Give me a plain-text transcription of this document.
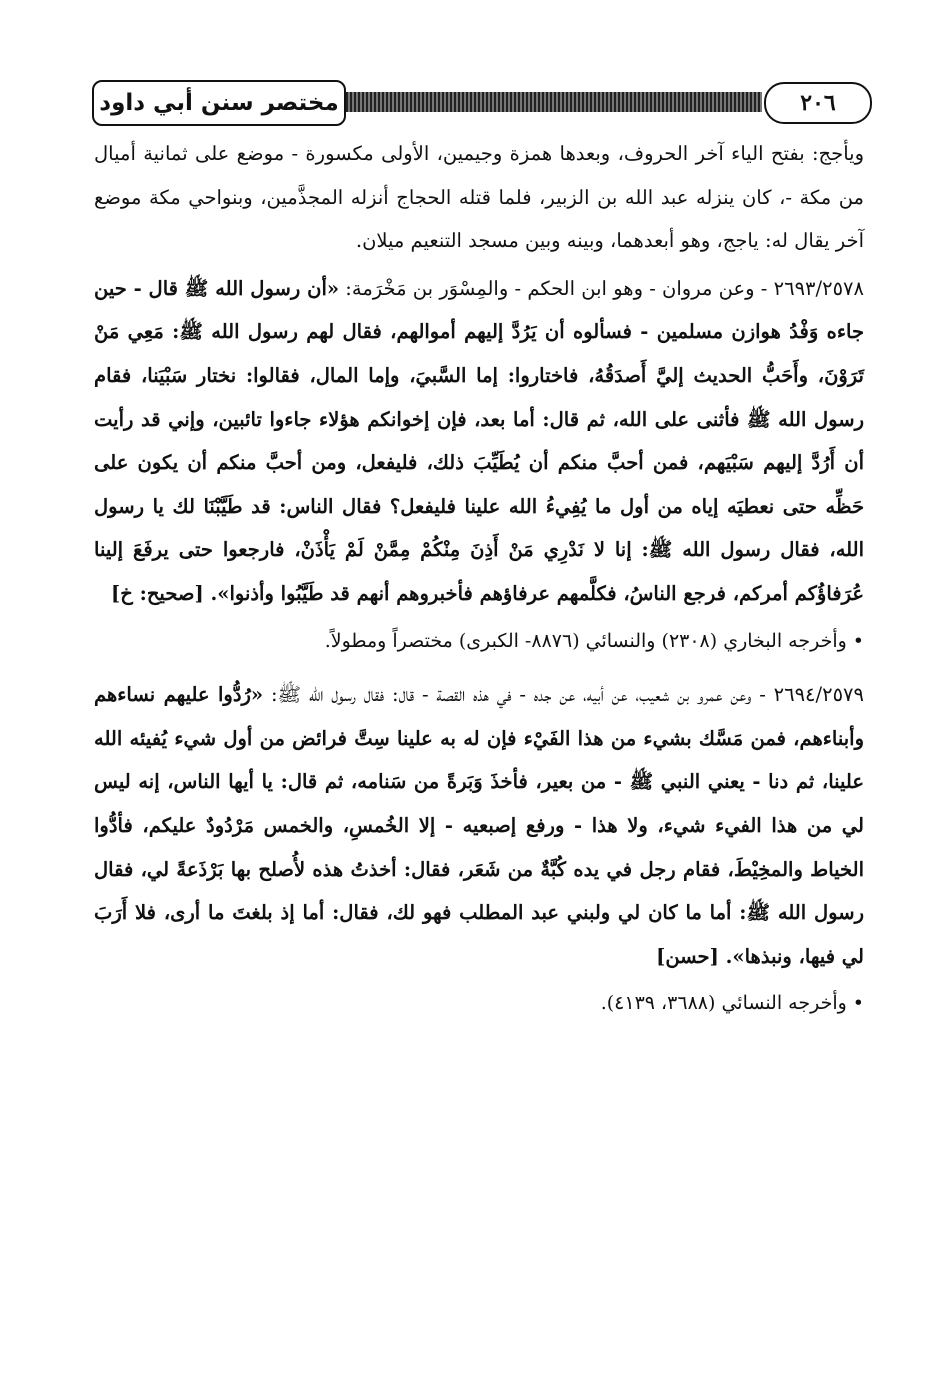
مختصر سنن أبي داود	٢٠٦

ويأجج: بفتح الياء آخر الحروف، وبعدها همزة وجيمين، الأولى مكسورة - موضع على ثمانية أميال من مكة -، كان ينزله عبد الله بن الزبير، فلما قتله الحجاج أنزله المجذَّمين، وبنواحي مكة موضع آخر يقال له: ياجج، وهو أبعدهما، وبينه وبين مسجد التنعيم ميلان.

٢٦٩٣/٢٥٧٨ - وعن مروان - وهو ابن الحكم - والمِسْوَر بن مَخْرَمة: «أن رسول الله ﷺ قال - حين جاءه وَفْدُ هوازن مسلمين - فسألوه أن يَرُدَّ إليهم أموالهم، فقال لهم رسول الله ﷺ: مَعِي مَنْ تَرَوْنَ، وأَحَبُّ الحديث إليَّ أَصدَقُهُ، فاختاروا: إما السَّبيَ، وإما المال، فقالوا: نختار سَبْيَنا، فقام رسول الله ﷺ فأثنى على الله، ثم قال: أما بعد، فإن إخوانكم هؤلاء جاءوا تائبين، وإني قد رأيت أن أَرُدَّ إليهم سَبْيَهم، فمن أحبَّ منكم أن يُطَيِّبَ ذلك، فليفعل، ومن أحبَّ منكم أن يكون على حَظِّه حتى نعطيَه إياه من أول ما يُفِيءُ الله علينا فليفعل؟ فقال الناس: قد طَيَّبْنَا لك يا رسول الله، فقال رسول الله ﷺ: إنا لا نَدْرِي مَنْ أَذِنَ مِنْكُمْ مِمَّنْ لَمْ يَأْذَنْ، فارجعوا حتى يرفَعَ إلينا عُرَفاؤُكم أمركم، فرجع الناسُ، فكلَّمهم عرفاؤهم فأخبروهم أنهم قد طَيَّبُوا وأذنوا». [صحيح: خ]

•وأخرجه البخاري (٢٣٠٨) والنسائي (٨٨٧٦- الكبرى) مختصراً ومطولاً.

٢٦٩٤/٢٥٧٩ - وعن عمرو بن شعيب، عن أبيه، عن جده - في هذه القصة - قال: فقال رسول الله ﷺ: «رُدُّوا عليهم نساءهم وأبناءهم، فمن مَسَّك بشيء من هذا الفَيْء فإن له به علينا سِتَّ فرائض من أول شيء يُفيئه الله علينا، ثم دنا - يعني النبي ﷺ - من بعير، فأخذَ وَبَرةً من سَنامه، ثم قال: يا أيها الناس، إنه ليس لي من هذا الفيء شيء، ولا هذا - ورفع إصبعيه - إلا الخُمسِ، والخمس مَرْدُودٌ عليكم، فأدُّوا الخياط والمخِيْطَ، فقام رجل في يده كُبَّةٌ من شَعَر، فقال: أخذتُ هذه لأُصلح بها بَرْذَعةً لي، فقال رسول الله ﷺ: أما ما كان لي ولبني عبد المطلب فهو لك، فقال: أما إذ بلغتَ ما أرى، فلا أَرَبَ لي فيها، ونبذها». [حسن]

•وأخرجه النسائي (٣٦٨٨، ٤١٣٩).
